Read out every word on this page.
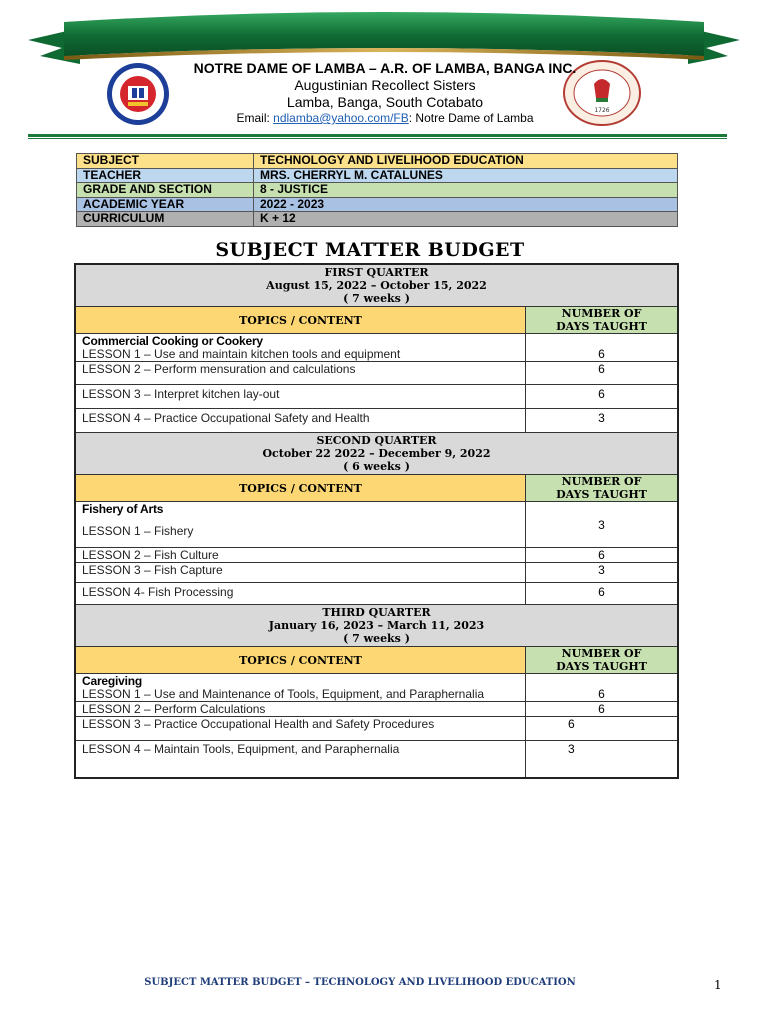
1726
NOTRE DAME OF LAMBA – A.R. OF LAMBA, BANGA INC.
Augustinian Recollect Sisters
Lamba, Banga, South Cotabato
Email: ndlamba@yahoo.com/FB: Notre Dame of Lamba
SUBJECT	TECHNOLOGY AND LIVELIHOOD EDUCATION
TEACHER	MRS. CHERRYL M. CATALUNES
GRADE AND SECTION	8 - JUSTICE
ACADEMIC YEAR	2022 - 2023
CURRICULUM	K + 12
SUBJECT MATTER BUDGET
FIRST QUARTER
August 15, 2022 – October 15, 2022
( 7 weeks )	

TOPICS / CONTENT	NUMBER OF
DAYS TAUGHT

Commercial Cooking or Cookery
LESSON 1 – Use and maintain kitchen tools and equipment	6
LESSON 2 – Perform mensuration and calculations	6
LESSON 3 – Interpret kitchen lay-out	6
LESSON 4 – Practice Occupational Safety and Health	3

SECOND QUARTER
October 22 2022 – December 9, 2022
( 6 weeks )	

TOPICS / CONTENT	NUMBER OF
DAYS TAUGHT

Fishery of Arts
LESSON 1 – Fishery	3
LESSON 2 – Fish Culture	6
LESSON 3 – Fish Capture	3
LESSON 4- Fish Processing	6

THIRD QUARTER
January 16, 2023 – March 11, 2023
( 7 weeks )	

TOPICS / CONTENT	NUMBER OF
DAYS TAUGHT

Caregiving
LESSON 1 – Use and Maintenance of Tools, Equipment, and Paraphernalia	6
LESSON 2 – Perform Calculations	6
LESSON 3 – Practice Occupational Health and Safety Procedures	6
LESSON 4 – Maintain Tools, Equipment, and Paraphernalia	3
SUBJECT MATTER BUDGET – TECHNOLOGY AND LIVELIHOOD EDUCATION	1
